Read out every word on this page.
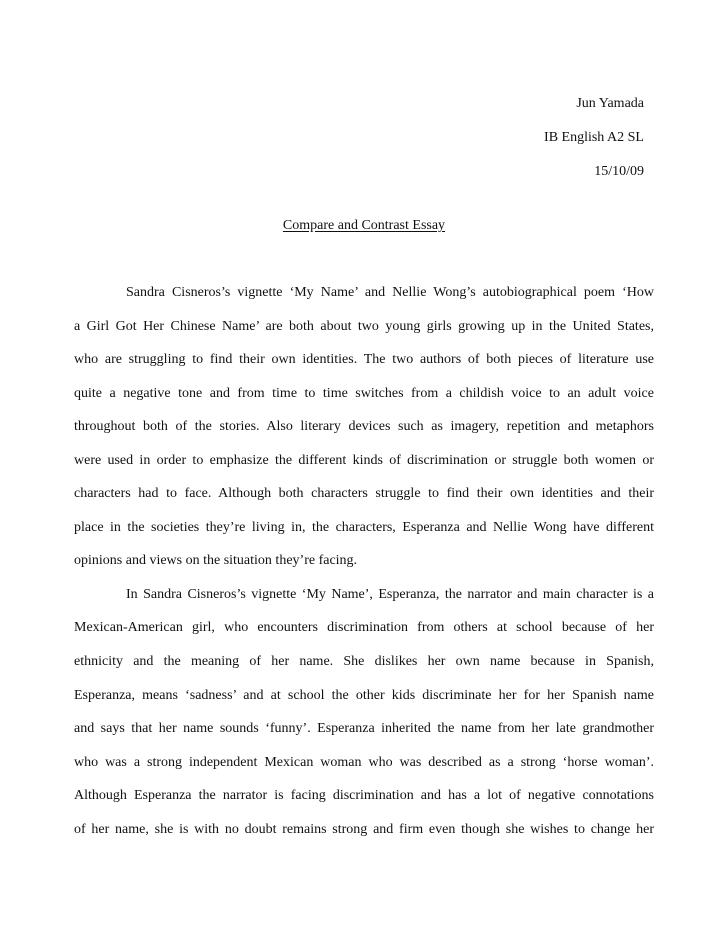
Jun Yamada
IB English A2 SL
15/10/09
Compare and Contrast Essay
Sandra Cisneros’s vignette ‘My Name’ and Nellie Wong’s autobiographical poem ‘How
a Girl Got Her Chinese Name’ are both about two young girls growing up in the United States,
who are struggling to find their own identities. The two authors of both pieces of literature use
quite a negative tone and from time to time switches from a childish voice to an adult voice
throughout both of the stories. Also literary devices such as imagery, repetition and metaphors
were used in order to emphasize the different kinds of discrimination or struggle both women or
characters had to face. Although both characters struggle to find their own identities and their
place in the societies they’re living in, the characters, Esperanza and Nellie Wong have different
opinions and views on the situation they’re facing.
In Sandra Cisneros’s vignette ‘My Name’, Esperanza, the narrator and main character is a
Mexican-American girl, who encounters discrimination from others at school because of her
ethnicity and the meaning of her name. She dislikes her own name because in Spanish,
Esperanza, means ‘sadness’ and at school the other kids discriminate her for her Spanish name
and says that her name sounds ‘funny’. Esperanza inherited the name from her late grandmother
who was a strong independent Mexican woman who was described as a strong ‘horse woman’.
Although Esperanza the narrator is facing discrimination and has a lot of negative connotations
of her name, she is with no doubt remains strong and firm even though she wishes to change her
